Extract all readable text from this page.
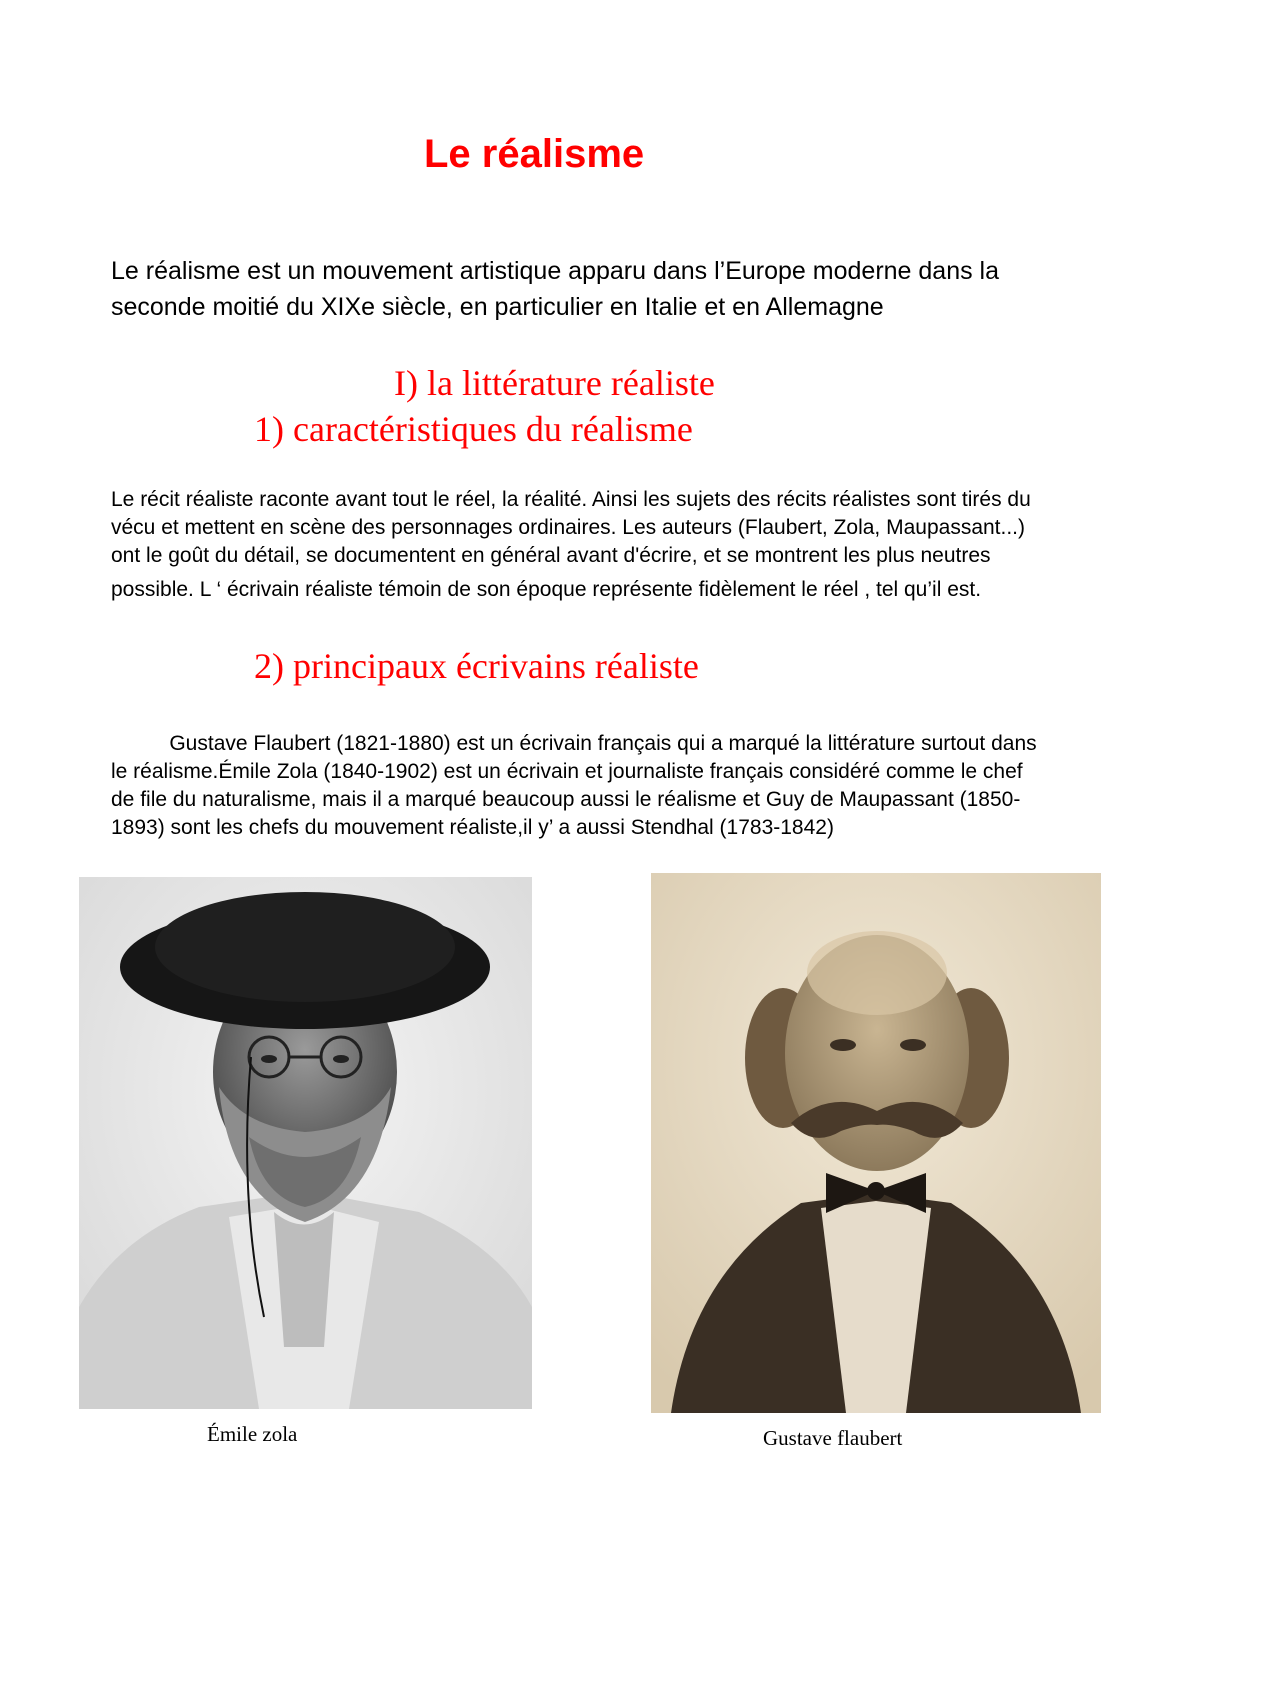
Le réalisme
Le réalisme est un mouvement artistique apparu dans l’Europe moderne dans la
seconde moitié du XIXe siècle, en particulier en Italie et en Allemagne
I) la littérature réaliste
1) caractéristiques du réalisme
Le récit réaliste raconte avant tout le réel, la réalité. Ainsi les sujets des récits réalistes sont tirés du
vécu et mettent en scène des personnages ordinaires. Les auteurs (Flaubert, Zola, Maupassant...)
ont le goût du détail, se documentent en général avant d'écrire, et se montrent les plus neutres
possible. L ‘ écrivain réaliste témoin de son époque représente fidèlement le réel , tel qu’il est.
2) principaux écrivains réaliste
Gustave Flaubert (1821-1880) est un écrivain français qui a marqué la littérature surtout dans
le réalisme.Émile Zola (1840-1902) est un écrivain et journaliste français considéré comme le chef
de file du naturalisme, mais il a marqué beaucoup aussi le réalisme et Guy de Maupassant (1850-
1893) sont les chefs du mouvement réaliste,il y’ a aussi Stendhal (1783-1842)
Émile zola	Gustave flaubert
